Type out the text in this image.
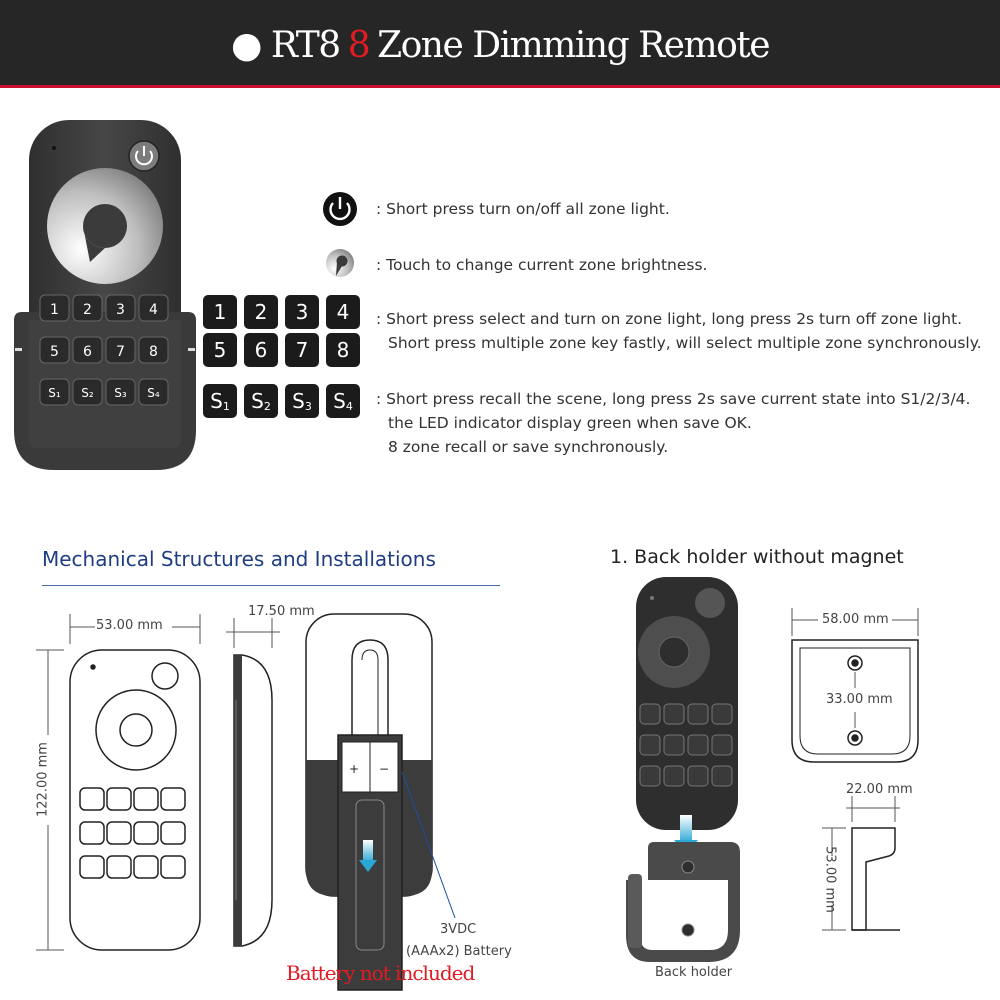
● RT8 8 Zone Dimming Remote
1 2 3 4
5 6 7 8
S₁ S₂ S₃ S₄
+ −
: Short press turn on/off all zone light.
: Touch to change current zone brightness.
1	2	3	4
5	6	7	8
: Short press select and turn on zone light, long press 2s turn off zone light.
Short press multiple zone key fastly, will select multiple zone synchronously.
$S_1$	$S_2$	$S_3$	$S_4$	: Short press recall the scene, long press 2s save current state into S1/2/3/4.
the LED indicator display green when save OK.
8 zone recall or save synchronously.
Mechanical Structures and Installations
53.00 mm
122.00 mm
17.50 mm
3VDC
(AAAx2) Battery
Battery not included
1. Back holder without magnet
58.00 mm
33.00 mm
22.00 mm
53.00 mm
Back holder
